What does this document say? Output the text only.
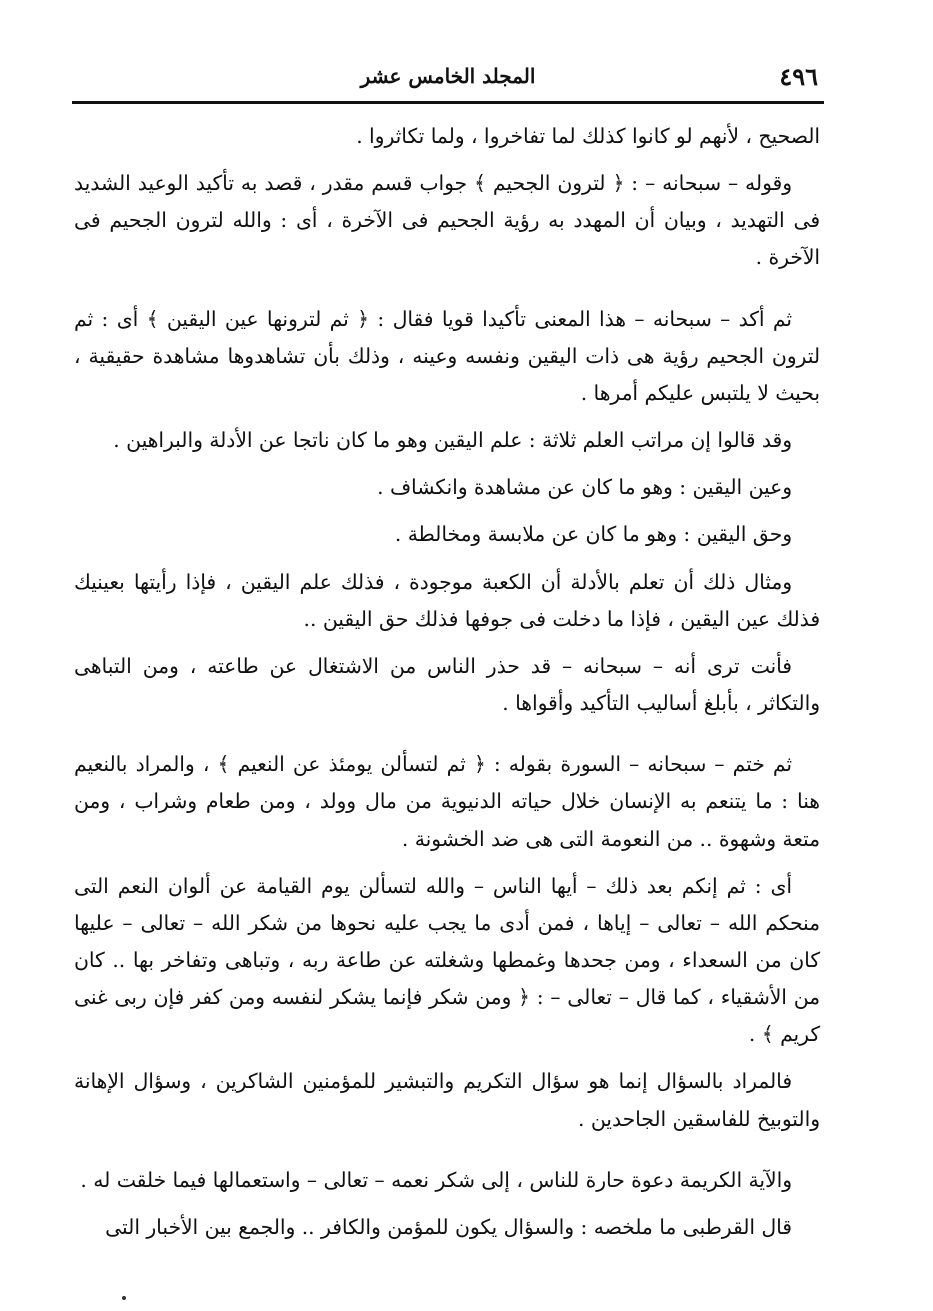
٤٩٦
المجلد الخامس عشر

الصحيح ، لأنهم لو كانوا كذلك لما تفاخروا ، ولما تكاثروا .

وقوله – سبحانه – : ﴿ لترون الجحيم ﴾ جواب قسم مقدر ، قصد به تأكيد الوعيد الشديد فى التهديد ، وبيان أن المهدد به رؤية الجحيم فى الآخرة ، أى : والله لترون الجحيم فى الآخرة .

ثم أكد – سبحانه – هذا المعنى تأكيدا قويا فقال : ﴿ ثم لترونها عين اليقين ﴾ أى : ثم لترون الجحيم رؤية هى ذات اليقين ونفسه وعينه ، وذلك بأن تشاهدوها مشاهدة حقيقية ، بحيث لا يلتبس عليكم أمرها .

وقد قالوا إن مراتب العلم ثلاثة : علم اليقين وهو ما كان ناتجا عن الأدلة والبراهين .

وعين اليقين : وهو ما كان عن مشاهدة وانكشاف .

وحق اليقين : وهو ما كان عن ملابسة ومخالطة .

ومثال ذلك أن تعلم بالأدلة أن الكعبة موجودة ، فذلك علم اليقين ، فإذا رأيتها بعينيك فذلك عين اليقين ، فإذا ما دخلت فى جوفها فذلك حق اليقين ..

فأنت ترى أنه – سبحانه – قد حذر الناس من الاشتغال عن طاعته ، ومن التباهى والتكاثر ، بأبلغ أساليب التأكيد وأقواها .

ثم ختم – سبحانه – السورة بقوله : ﴿ ثم لتسألن يومئذ عن النعيم ﴾ ، والمراد بالنعيم هنا : ما يتنعم به الإنسان خلال حياته الدنيوية من مال وولد ، ومن طعام وشراب ، ومن متعة وشهوة .. من النعومة التى هى ضد الخشونة .

أى : ثم إنكم بعد ذلك – أيها الناس – والله لتسألن يوم القيامة عن ألوان النعم التى منحكم الله – تعالى – إياها ، فمن أدى ما يجب عليه نحوها من شكر الله – تعالى – عليها كان من السعداء ، ومن جحدها وغمطها وشغلته عن طاعة ربه ، وتباهى وتفاخر بها .. كان من الأشقياء ، كما قال – تعالى – : ﴿ ومن شكر فإنما يشكر لنفسه ومن كفر فإن ربى غنى كريم ﴾ .

فالمراد بالسؤال إنما هو سؤال التكريم والتبشير للمؤمنين الشاكرين ، وسؤال الإهانة والتوبيخ للفاسقين الجاحدين .

والآية الكريمة دعوة حارة للناس ، إلى شكر نعمه – تعالى – واستعمالها فيما خلقت له .

قال القرطبى ما ملخصه : والسؤال يكون للمؤمن والكافر .. والجمع بين الأخبار التى
